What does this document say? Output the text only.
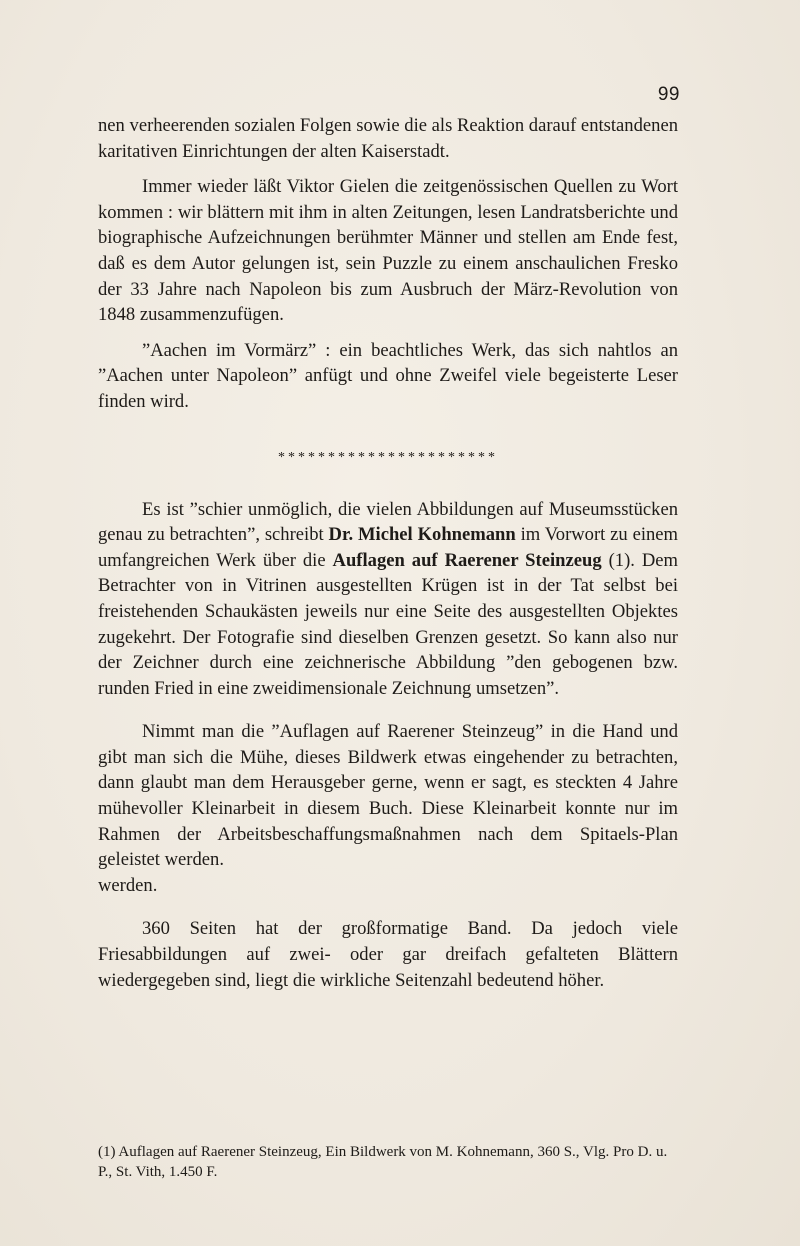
99

nen verheerenden sozialen Folgen sowie die als Reaktion darauf entstandenen karitativen Einrichtungen der alten Kaiserstadt.

Immer wieder läßt Viktor Gielen die zeitgenössischen Quellen zu Wort kommen : wir blättern mit ihm in alten Zeitungen, lesen Landratsberichte und biographische Aufzeichnungen berühmter Männer und stellen am Ende fest, daß es dem Autor gelungen ist, sein Puzzle zu einem anschaulichen Fresko der 33 Jahre nach Napoleon bis zum Ausbruch der März-Revolution von 1848 zusammenzufügen.

”Aachen im Vormärz” : ein beachtliches Werk, das sich nahtlos an ”Aachen unter Napoleon” anfügt und ohne Zweifel viele begeisterte Leser finden wird.

**********************

Es ist ”schier unmöglich, die vielen Abbildungen auf Museumsstücken genau zu betrachten”, schreibt Dr. Michel Kohnemann im Vorwort zu einem umfangreichen Werk über die Auflagen auf Raerener Steinzeug (1). Dem Betrachter von in Vitrinen ausgestellten Krügen ist in der Tat selbst bei freistehenden Schaukästen jeweils nur eine Seite des ausgestellten Objektes zugekehrt. Der Fotografie sind dieselben Grenzen gesetzt. So kann also nur der Zeichner durch eine zeichnerische Abbildung ”den gebogenen bzw. runden Fried in eine zweidimensionale Zeichnung umsetzen”.

Nimmt man die ”Auflagen auf Raerener Steinzeug” in die Hand und gibt man sich die Mühe, dieses Bildwerk etwas eingehender zu betrachten, dann glaubt man dem Herausgeber gerne, wenn er sagt, es steckten 4 Jahre mühevoller Kleinarbeit in diesem Buch. Diese Kleinarbeit konnte nur im Rahmen der Arbeitsbeschaffungsmaßnahmen nach dem Spitaels-Plan geleistet werden.

werden.

360 Seiten hat der großformatige Band. Da jedoch viele Friesabbildungen auf zwei- oder gar dreifach gefalteten Blättern wiedergegeben sind, liegt die wirkliche Seitenzahl bedeutend höher.

(1) Auflagen auf Raerener Steinzeug, Ein Bildwerk von M. Kohnemann, 360 S., Vlg. Pro D. u. P., St. Vith, 1.450 F.
